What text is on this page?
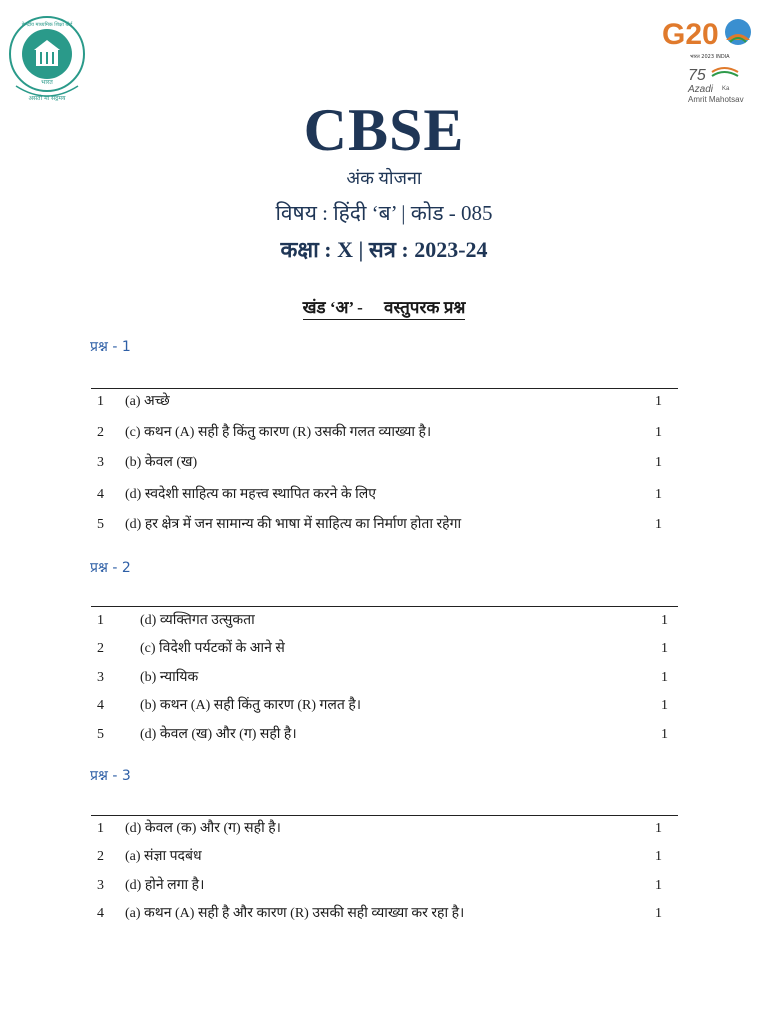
भारत
असतो मा सद्गमय
केन्द्रीय माध्यमिक शिक्षा बोर्ड	G20
भारत 2023 INDIA
75
Azadi Ka
Amrit Mahotsav
CBSE
अंक योजना
विषय : हिंदी ‘ब’ | कोड - 085
कक्षा : X | सत्र : 2023-24
खंड ‘अ’ -     वस्तुपरक प्रश्न
प्रश्न - 1
1 (a) अच्छे	1
2 (c) कथन (A) सही है किंतु कारण (R) उसकी गलत व्याख्या है।	1
3 (b) केवल (ख)	1
4 (d) स्वदेशी साहित्य का महत्त्व स्थापित करने के लिए	1
5 (d) हर क्षेत्र में जन सामान्य की भाषा में साहित्य का निर्माण होता रहेगा	1
प्रश्न - 2
1	(d) व्यक्तिगत उत्सुकता	1
2	(c) विदेशी पर्यटकों के आने से	1
3	(b) न्यायिक	1
4	(b) कथन (A) सही किंतु कारण (R) गलत है।	1
5	(d) केवल (ख) और (ग) सही है।	1
प्रश्न - 3
1 (d) केवल (क) और (ग) सही है।	1
2 (a) संज्ञा पदबंध	1
3 (d) होने लगा है।	1
4 (a) कथन (A) सही है और कारण (R) उसकी सही व्याख्या कर रहा है।	1
